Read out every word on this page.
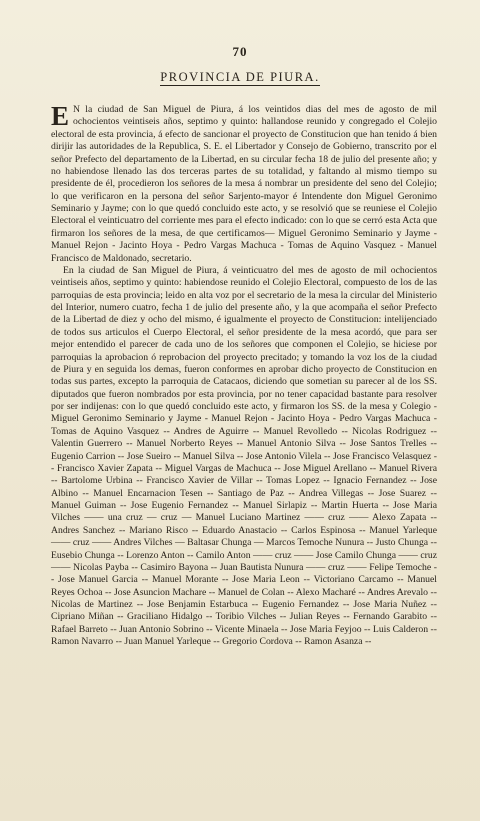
70
PROVINCIA DE PIURA.

E N la ciudad de San Miguel de Piura, á los veintidos dias del mes de agosto de mil ochocientos veintiseis años, septimo y quinto: hallandose reunido y congregado el Colejio electoral de esta provincia, á efecto de sancionar el proyecto de Constitucion que han tenido á bien dirijir las autoridades de la Republica, S. E. el Libertador y Consejo de Gobierno, transcrito por el señor Prefecto del departamento de la Libertad, en su circular fecha 18 de julio del presente año; y no habiendose llenado las dos terceras partes de su totalidad, y faltando al mismo tiempo su presidente de él, procedieron los señores de la mesa á nombrar un presidente del seno del Colejio; lo que verificaron en la persona del señor Sarjento-mayor é Intendente don Miguel Geronimo Seminario y Jayme; con lo que quedó concluido este acto, y se resolvió que se reuniese el Colejio Electoral el veinticuatro del corriente mes para el efecto indicado: con lo que se cerró esta Acta que firmaron los señores de la mesa, de que certificamos— Miguel Geronimo Seminario y Jayme - Manuel Rejon - Jacinto Hoya - Pedro Vargas Machuca - Tomas de Aquino Vasquez - Manuel Francisco de Maldonado, secretario.

En la ciudad de San Miguel de Piura, á veinticuatro del mes de agosto de mil ochocientos veintiseis años, septimo y quinto: habiendose reunido el Colejio Electoral, compuesto de los de las parroquias de esta provincia; leido en alta voz por el secretario de la mesa la circular del Ministerio del Interior, numero cuatro, fecha 1 de julio del presente año, y la que acompaña el señor Prefecto de la Libertad de diez y ocho del mismo, é igualmente el proyecto de Constitucion: intelijenciado de todos sus articulos el Cuerpo Electoral, el señor presidente de la mesa acordó, que para ser mejor entendido el parecer de cada uno de los señores que componen el Colejio, se hiciese por parroquias la aprobacion ó reprobacion del proyecto precitado; y tomando la voz los de la ciudad de Piura y en seguida los demas, fueron conformes en aprobar dicho proyecto de Constitucion en todas sus partes, excepto la parroquia de Catacaos, diciendo que sometian su parecer al de los SS. diputados que fueron nombrados por esta provincia, por no tener capacidad bastante para resolver por ser indijenas: con lo que quedó concluido este acto, y firmaron los SS. de la mesa y Colegio - Miguel Geronimo Seminario y Jayme - Manuel Rejon - Jacinto Hoya - Pedro Vargas Machuca - Tomas de Aquino Vasquez -- Andres de Aguirre -- Manuel Revolledo -- Nicolas Rodriguez -- Valentin Guerrero -- Manuel Norberto Reyes -- Manuel Antonio Silva -- Jose Santos Trelles -- Eugenio Carrion -- Jose Sueiro -- Manuel Silva -- Jose Antonio Vilela -- Jose Francisco Velasquez -- Francisco Xavier Zapata -- Miguel Vargas de Machuca -- Jose Miguel Arellano -- Manuel Rivera -- Bartolome Urbina -- Francisco Xavier de Villar -- Tomas Lopez -- Ignacio Fernandez -- Jose Albino -- Manuel Encarnacion Tesen -- Santiago de Paz -- Andrea Villegas -- Jose Suarez -- Manuel Guiman -- Jose Eugenio Fernandez -- Manuel Sirlapiz -- Martin Huerta -- Jose Maria Vilches —— una cruz — cruz — Manuel Luciano Martinez —— cruz —— Alexo Zapata -- Andres Sanchez -- Mariano Risco -- Eduardo Anastacio -- Carlos Espinosa -- Manuel Yarleque —— cruz —— Andres Vilches — Baltasar Chunga — Marcos Temoche Nunura -- Justo Chunga -- Eusebio Chunga -- Lorenzo Anton -- Camilo Anton —— cruz —— Jose Camilo Chunga —— cruz —— Nicolas Payba -- Casimiro Bayona -- Juan Bautista Nunura —— cruz —— Felipe Temoche -- Jose Manuel Garcia -- Manuel Morante -- Jose Maria Leon -- Victoriano Carcamo -- Manuel Reyes Ochoa -- Jose Asuncion Machare -- Manuel de Colan -- Alexo Macharé -- Andres Arevalo -- Nicolas de Martinez -- Jose Benjamin Estarbuca -- Eugenio Fernandez -- Jose Maria Nuñez -- Cipriano Miñan -- Graciliano Hidalgo -- Toribio Vilches -- Julian Reyes -- Fernando Garabito -- Rafael Barreto -- Juan Antonio Sobrino -- Vicente Minaela -- Jose Maria Feyjoo -- Luis Calderon -- Ramon Navarro -- Juan Manuel Yarleque -- Gregorio Cordova -- Ramon Asanza --
